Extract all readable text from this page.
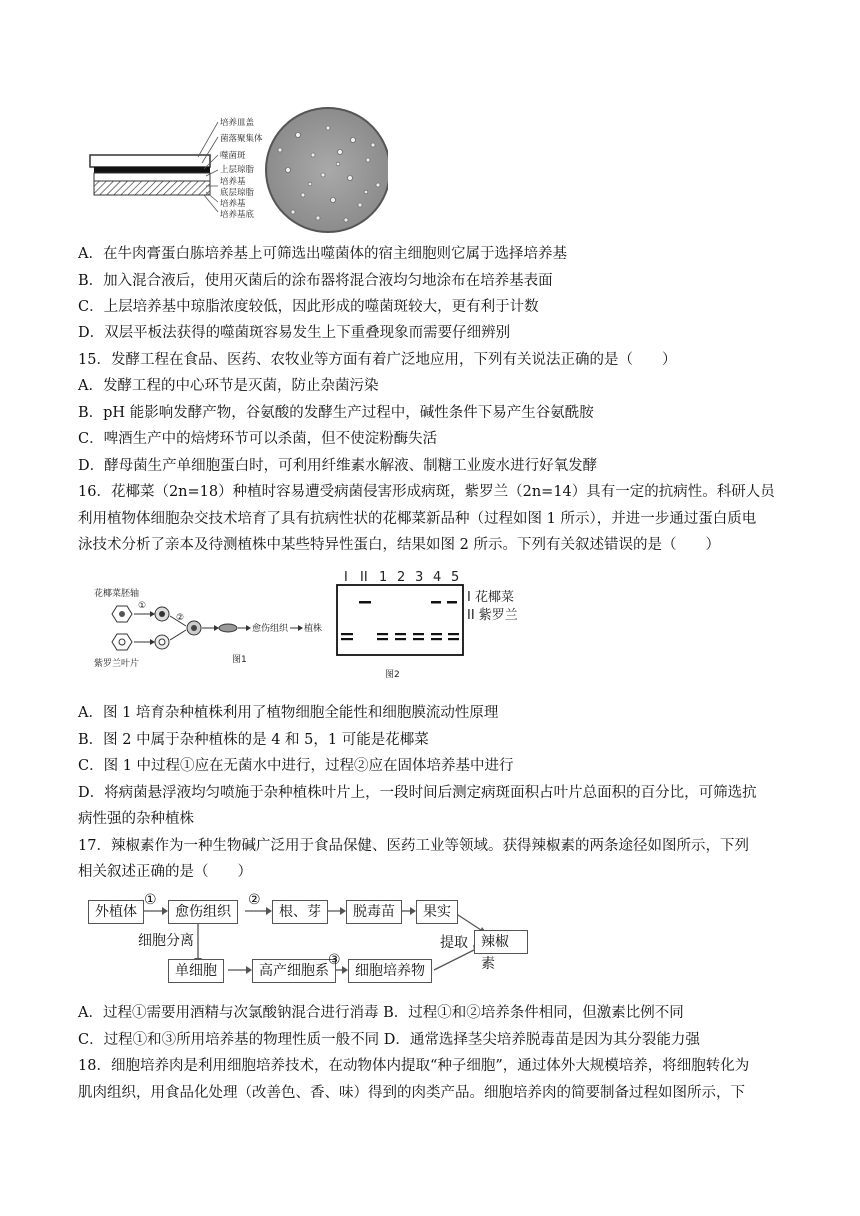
培养皿盖
菌落聚集体
噬菌斑
上层琼脂
培养基
底层琼脂
培养基
培养基底
A．在牛肉膏蛋白胨培养基上可筛选出噬菌体的宿主细胞则它属于选择培养基
B．加入混合液后，使用灭菌后的涂布器将混合液均匀地涂布在培养基表面
C．上层培养基中琼脂浓度较低，因此形成的噬菌斑较大，更有利于计数
D．双层平板法获得的噬菌斑容易发生上下重叠现象而需要仔细辨别
15．发酵工程在食品、医药、农牧业等方面有着广泛地应用，下列有关说法正确的是（　　）
A．发酵工程的中心环节是灭菌，防止杂菌污染
B．pH 能影响发酵产物，谷氨酸的发酵生产过程中，碱性条件下易产生谷氨酰胺
C．啤酒生产中的焙烤环节可以杀菌，但不使淀粉酶失活
D．酵母菌生产单细胞蛋白时，可利用纤维素水解液、制糖工业废水进行好氧发酵
16．花椰菜（2n=18）种植时容易遭受病菌侵害形成病斑，紫罗兰（2n=14）具有一定的抗病性。科研人员
利用植物体细胞杂交技术培育了具有抗病性状的花椰菜新品种（过程如图 1 所示），并进一步通过蛋白质电
泳技术分析了亲本及待测植株中某些特异性蛋白，结果如图 2 所示。下列有关叙述错误的是（　　）
花椰菜胚轴
紫罗兰叶片
①
②
愈伤组织 植株
图1
I II 1 2 3 4 5
I 花椰菜
II 紫罗兰
图2
A．图 1 培育杂种植株利用了植物细胞全能性和细胞膜流动性原理
B．图 2 中属于杂种植株的是 4 和 5，1 可能是花椰菜
C．图 1 中过程①应在无菌水中进行，过程②应在固体培养基中进行
D．将病菌悬浮液均匀喷施于杂种植株叶片上，一段时间后测定病斑面积占叶片总面积的百分比，可筛选抗
病性强的杂种植株
17．辣椒素作为一种生物碱广泛用于食品保健、医药工业等领域。获得辣椒素的两条途径如图所示，下列
相关叙述正确的是（　　）
外植体
①
愈伤组织
②
根、芽	脱毒苗	果实
细胞分离	提取 辣椒素
单细胞	高产细胞系
③
细胞培养物
A．过程①需要用酒精与次氯酸钠混合进行消毒 B．过程①和②培养条件相同，但激素比例不同
C．过程①和③所用培养基的物理性质一般不同 D．通常选择茎尖培养脱毒苗是因为其分裂能力强
18．细胞培养肉是利用细胞培养技术，在动物体内提取“种子细胞”，通过体外大规模培养，将细胞转化为
肌肉组织，用食品化处理（改善色、香、味）得到的肉类产品。细胞培养肉的简要制备过程如图所示，下
